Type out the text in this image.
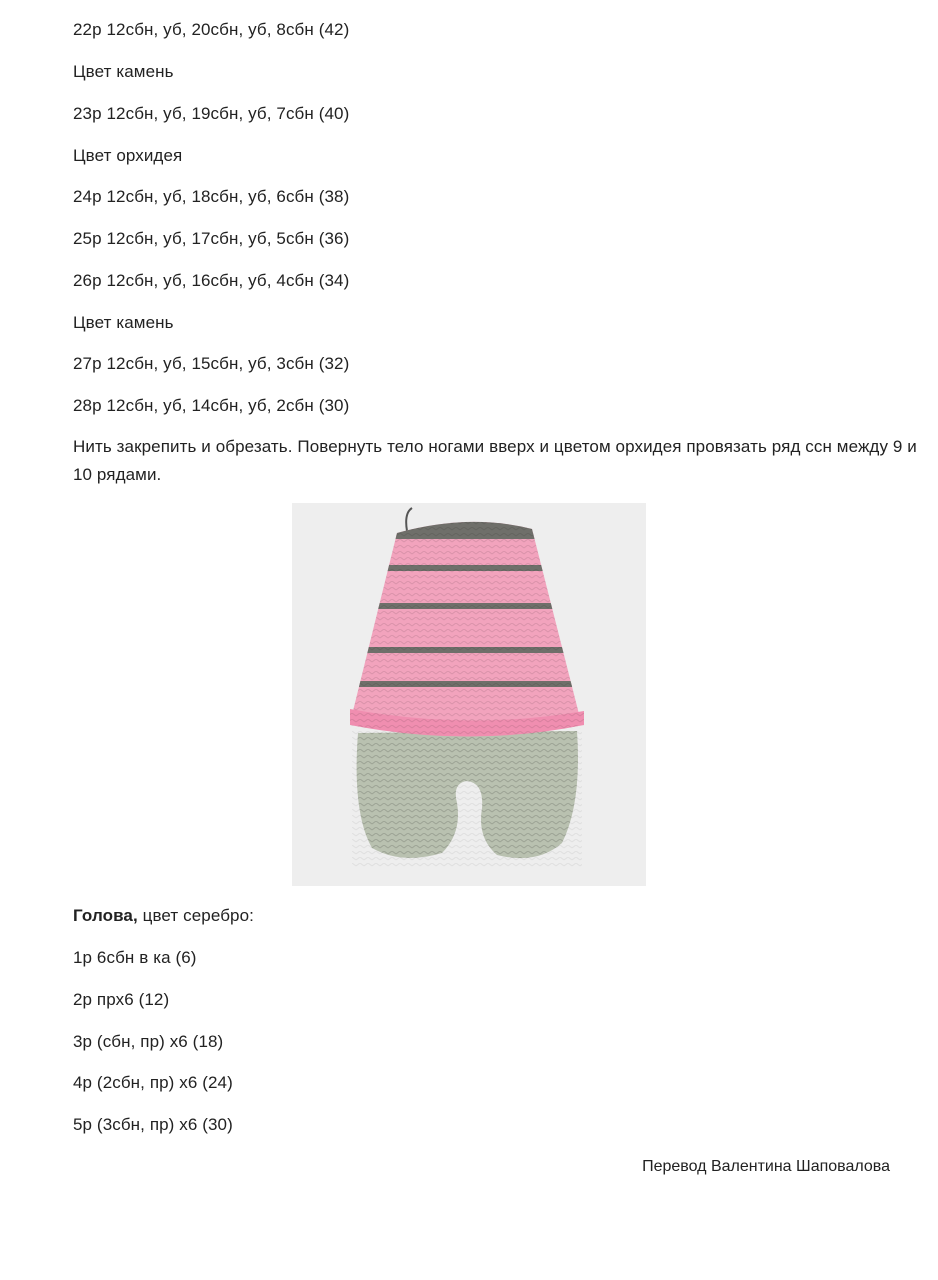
22р 12сбн, уб, 20сбн, уб, 8сбн (42)
Цвет камень
23р 12сбн, уб, 19сбн, уб, 7сбн (40)
Цвет орхидея
24р 12сбн, уб, 18сбн, уб, 6сбн (38)
25р 12сбн, уб, 17сбн, уб, 5сбн (36)
26р 12сбн, уб, 16сбн, уб, 4сбн (34)
Цвет камень
27р 12сбн, уб, 15сбн, уб, 3сбн (32)
28р 12сбн, уб, 14сбн, уб, 2сбн (30)
Нить закрепить и обрезать. Повернуть тело ногами вверх и цветом орхидея провязать ряд ссн между 9 и 10 рядами.
Голова, цвет серебро:
1р 6сбн в ка (6)
2р прх6 (12)
3р (сбн, пр) х6 (18)
4р (2сбн, пр) х6 (24)
5р (3сбн, пр) х6 (30)
Перевод Валентина Шаповалова
